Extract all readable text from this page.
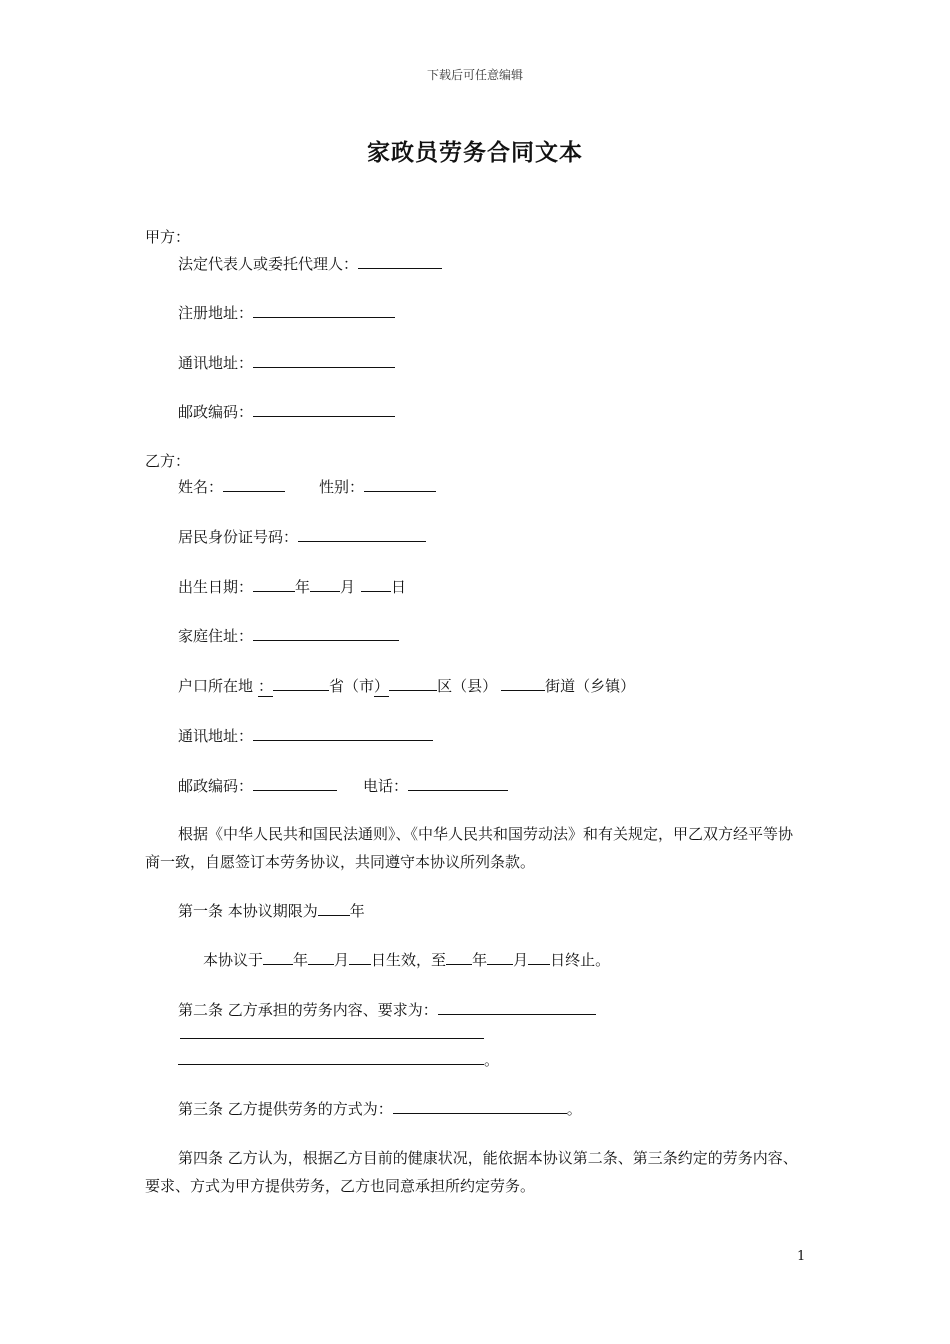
下载后可任意编辑
家政员劳务合同文本
甲方：
法定代表人或委托代理人：
注册地址：
通讯地址：
邮政编码：
乙方：
姓名：	性别：
居民身份证号码：
出生日期：	年 月 日
家庭住址：
户口所在地 ：	省（市）	区（县）	街道（乡镇）
通讯地址：
邮政编码：	电话：
根据《中华人民共和国民法通则》、《中华人民共和国劳动法》和有关规定，甲乙双方经平等协商一致，自愿签订本劳务协议，共同遵守本协议所列条款。
第一条 本协议期限为 年
本协议于 年 月 日生效，至 年 月 日终止。
第二条 乙方承担的劳务内容、要求为：
。
第三条 乙方提供劳务的方式为：	。
第四条 乙方认为，根据乙方目前的健康状况，能依据本协议第二条、第三条约定的劳务内容、要求、方式为甲方提供劳务，乙方也同意承担所约定劳务。
1
